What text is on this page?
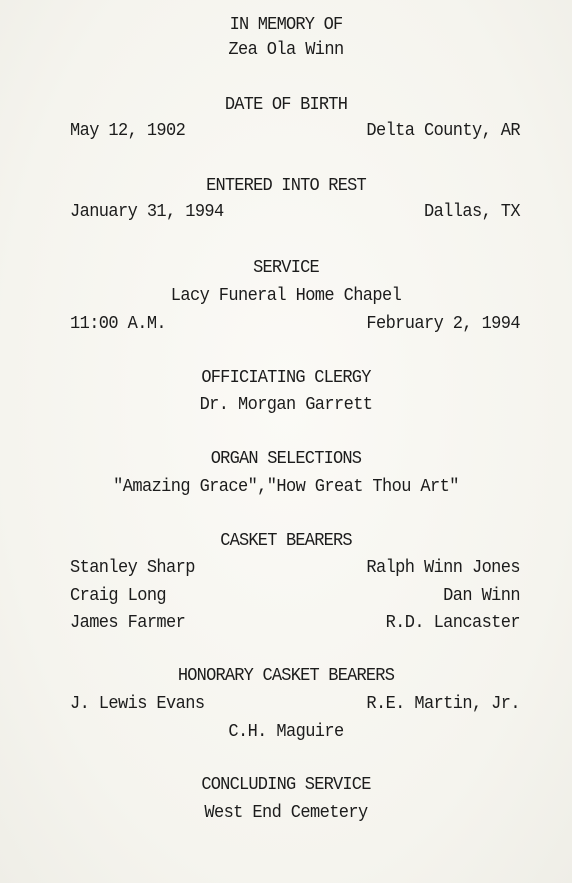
IN MEMORY OF
Zea Ola Winn
DATE OF BIRTH
May 12, 1902	Delta County, AR
ENTERED INTO REST
January 31, 1994	Dallas, TX
SERVICE
Lacy Funeral Home Chapel
11:00 A.M.	February 2, 1994
OFFICIATING CLERGY
Dr. Morgan Garrett
ORGAN SELECTIONS
"Amazing Grace","How Great Thou Art"
CASKET BEARERS
Stanley Sharp	Ralph Winn Jones
Craig Long	Dan Winn
James Farmer	R.D. Lancaster
HONORARY CASKET BEARERS
J. Lewis Evans	R.E. Martin, Jr.
C.H. Maguire
CONCLUDING SERVICE
West End Cemetery
